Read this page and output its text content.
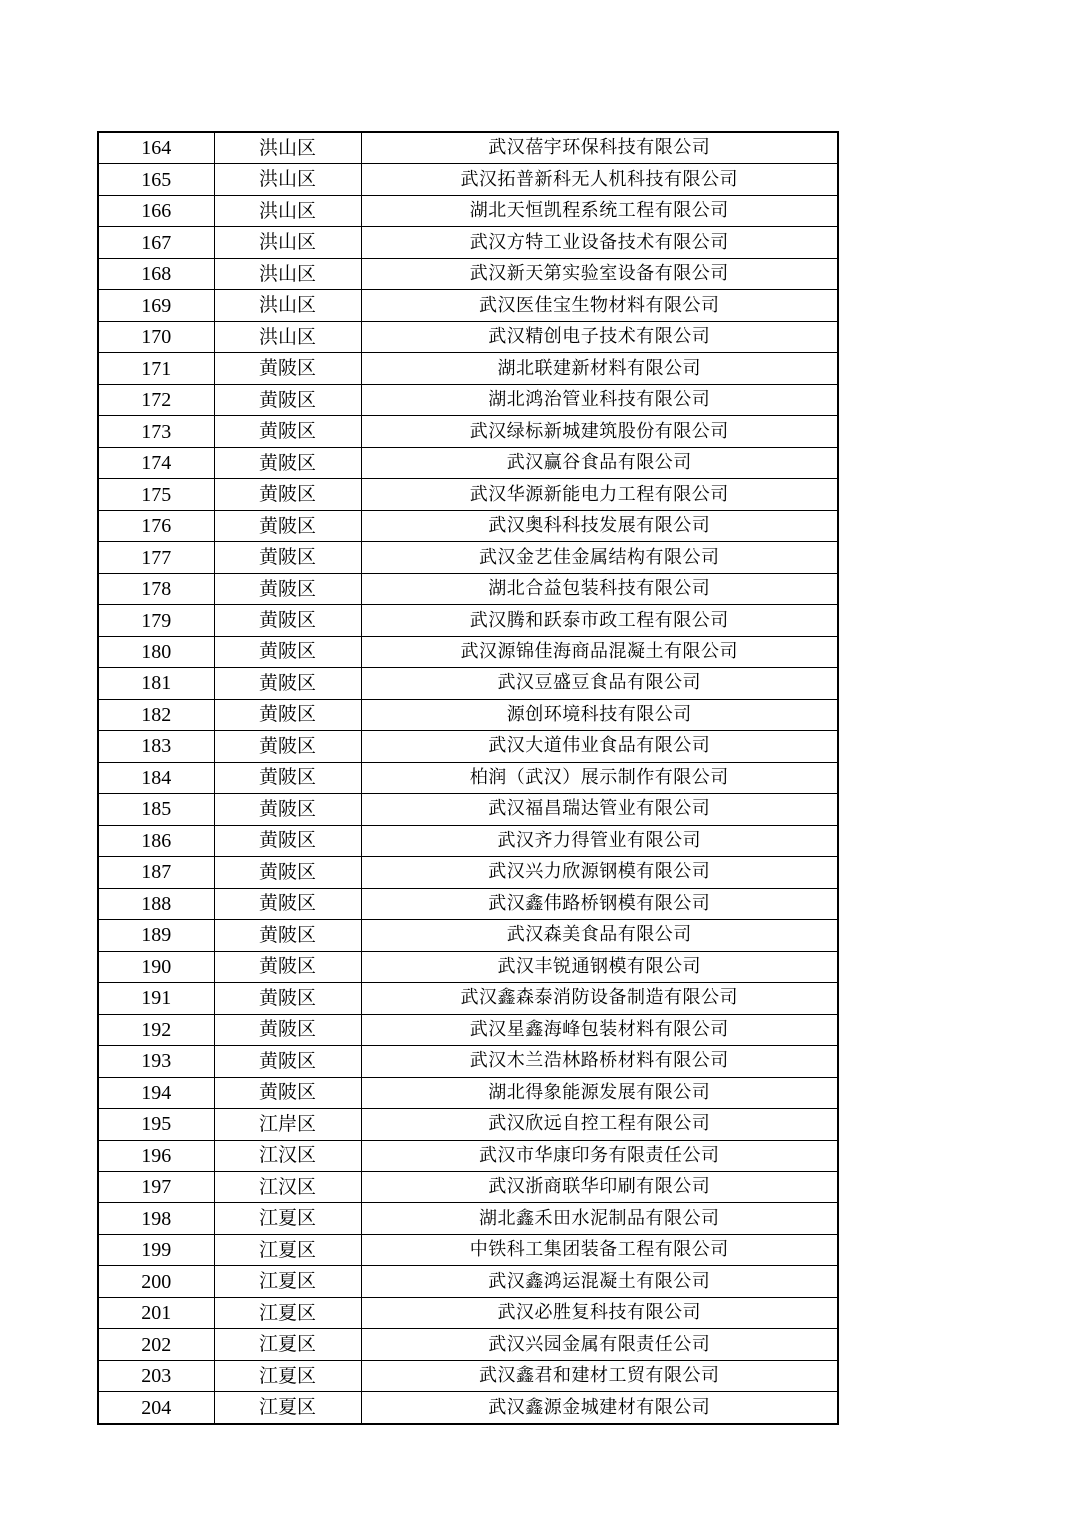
164	洪山区	武汉蓓宇环保科技有限公司
165	洪山区	武汉拓普新科无人机科技有限公司
166	洪山区	湖北天恒凯程系统工程有限公司
167	洪山区	武汉方特工业设备技术有限公司
168	洪山区	武汉新天第实验室设备有限公司
169	洪山区	武汉医佳宝生物材料有限公司
170	洪山区	武汉精创电子技术有限公司
171	黄陂区	湖北联建新材料有限公司
172	黄陂区	湖北鸿治管业科技有限公司
173	黄陂区	武汉绿标新城建筑股份有限公司
174	黄陂区	武汉赢谷食品有限公司
175	黄陂区	武汉华源新能电力工程有限公司
176	黄陂区	武汉奥科科技发展有限公司
177	黄陂区	武汉金艺佳金属结构有限公司
178	黄陂区	湖北合益包装科技有限公司
179	黄陂区	武汉腾和跃泰市政工程有限公司
180	黄陂区	武汉源锦佳海商品混凝土有限公司
181	黄陂区	武汉豆盛豆食品有限公司
182	黄陂区	源创环境科技有限公司
183	黄陂区	武汉大道伟业食品有限公司
184	黄陂区	柏润（武汉）展示制作有限公司
185	黄陂区	武汉福昌瑞达管业有限公司
186	黄陂区	武汉齐力得管业有限公司
187	黄陂区	武汉兴力欣源钢模有限公司
188	黄陂区	武汉鑫伟路桥钢模有限公司
189	黄陂区	武汉森美食品有限公司
190	黄陂区	武汉丰锐通钢模有限公司
191	黄陂区	武汉鑫森泰消防设备制造有限公司
192	黄陂区	武汉星鑫海峰包装材料有限公司
193	黄陂区	武汉木兰浩林路桥材料有限公司
194	黄陂区	湖北得象能源发展有限公司
195	江岸区	武汉欣远自控工程有限公司
196	江汉区	武汉市华康印务有限责任公司
197	江汉区	武汉浙商联华印刷有限公司
198	江夏区	湖北鑫禾田水泥制品有限公司
199	江夏区	中铁科工集团装备工程有限公司
200	江夏区	武汉鑫鸿运混凝土有限公司
201	江夏区	武汉必胜复科技有限公司
202	江夏区	武汉兴园金属有限责任公司
203	江夏区	武汉鑫君和建材工贸有限公司
204	江夏区	武汉鑫源金城建材有限公司
